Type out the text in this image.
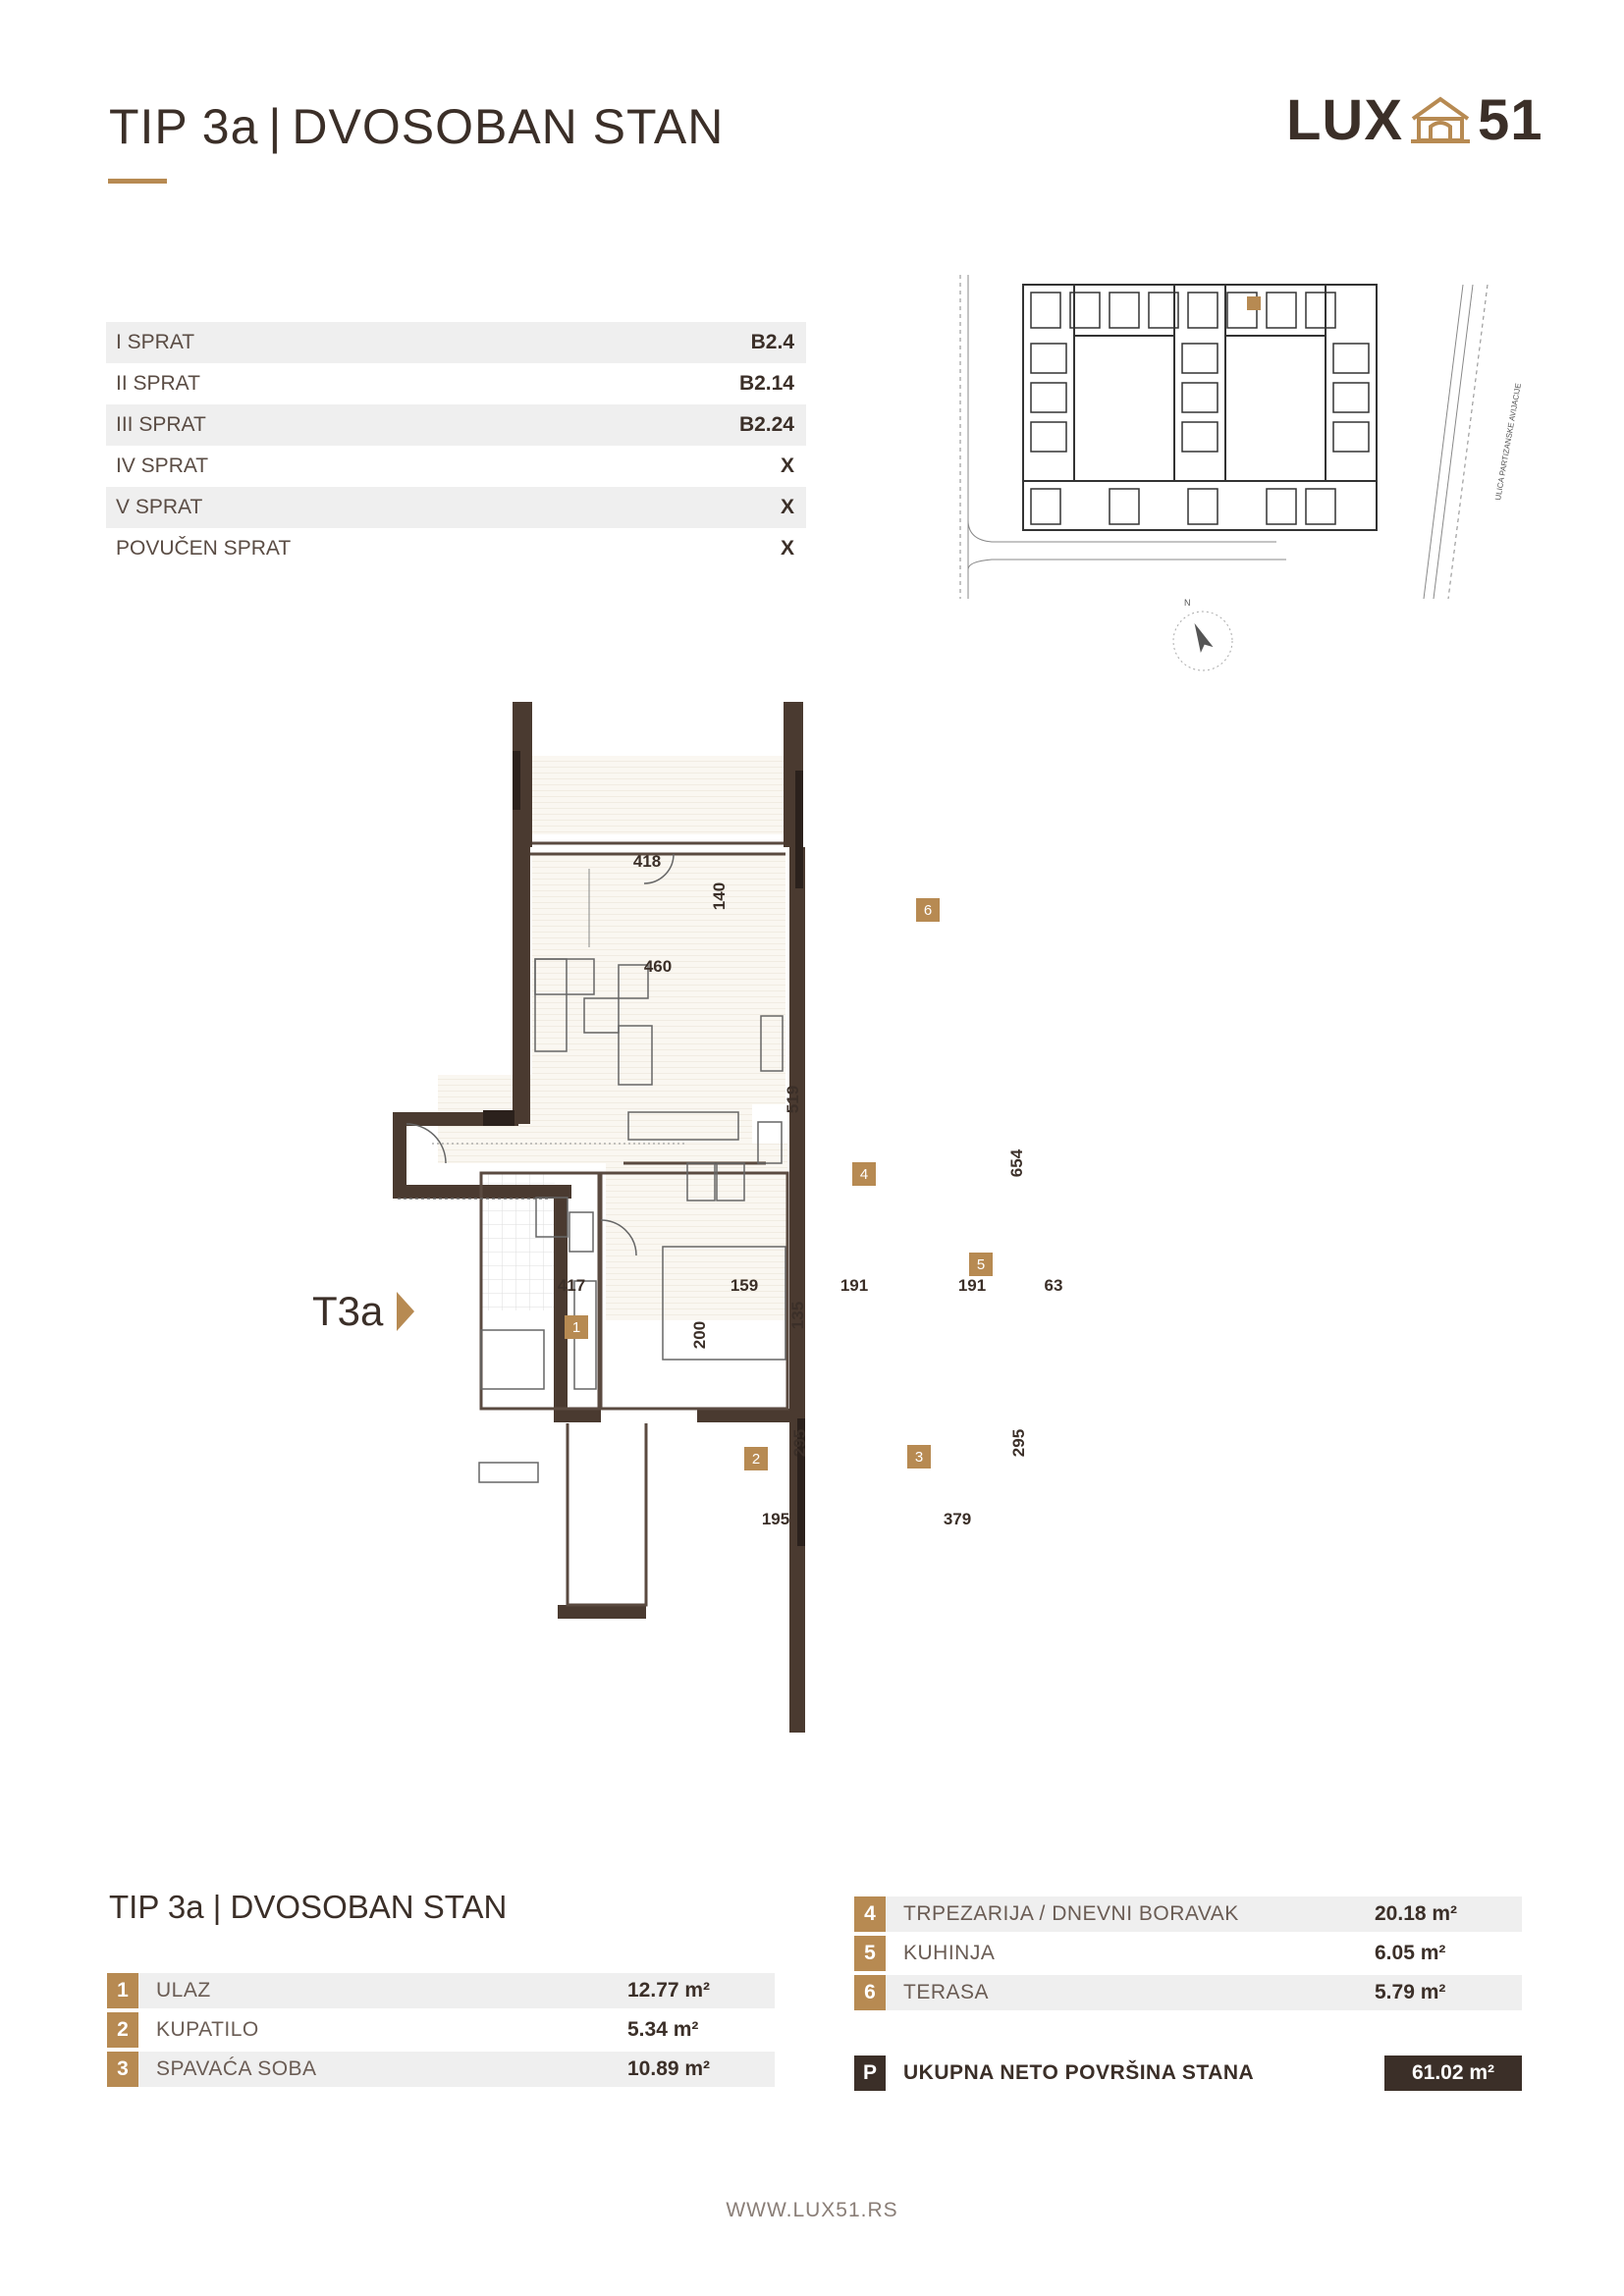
TIP 3a | DVOSOBAN STAN	LUX 51
I SPRAT	B2.4
II SPRAT	B2.14
III SPRAT	B2.24
IV SPRAT	X
V SPRAT	X
POVUČEN SPRAT	X
ULICA PARTIZANSKE AVIJACIJE
N
418
140
460
519
654
417	159	191	191	63
135
200
295
195
295
379
1
2	3
4
5
6
T3a
TIP 3a | DVOSOBAN STAN
1	ULAZ	12.77 m²
2	KUPATILO	5.34 m²
3	SPAVAĆA SOBA	10.89 m²
4	TRPEZARIJA / DNEVNI BORAVAK	20.18 m²
5	KUHINJA	6.05 m²
6	TERASA	5.79 m²
P	UKUPNA NETO POVRŠINA STANA	61.02 m²
WWW.LUX51.RS
